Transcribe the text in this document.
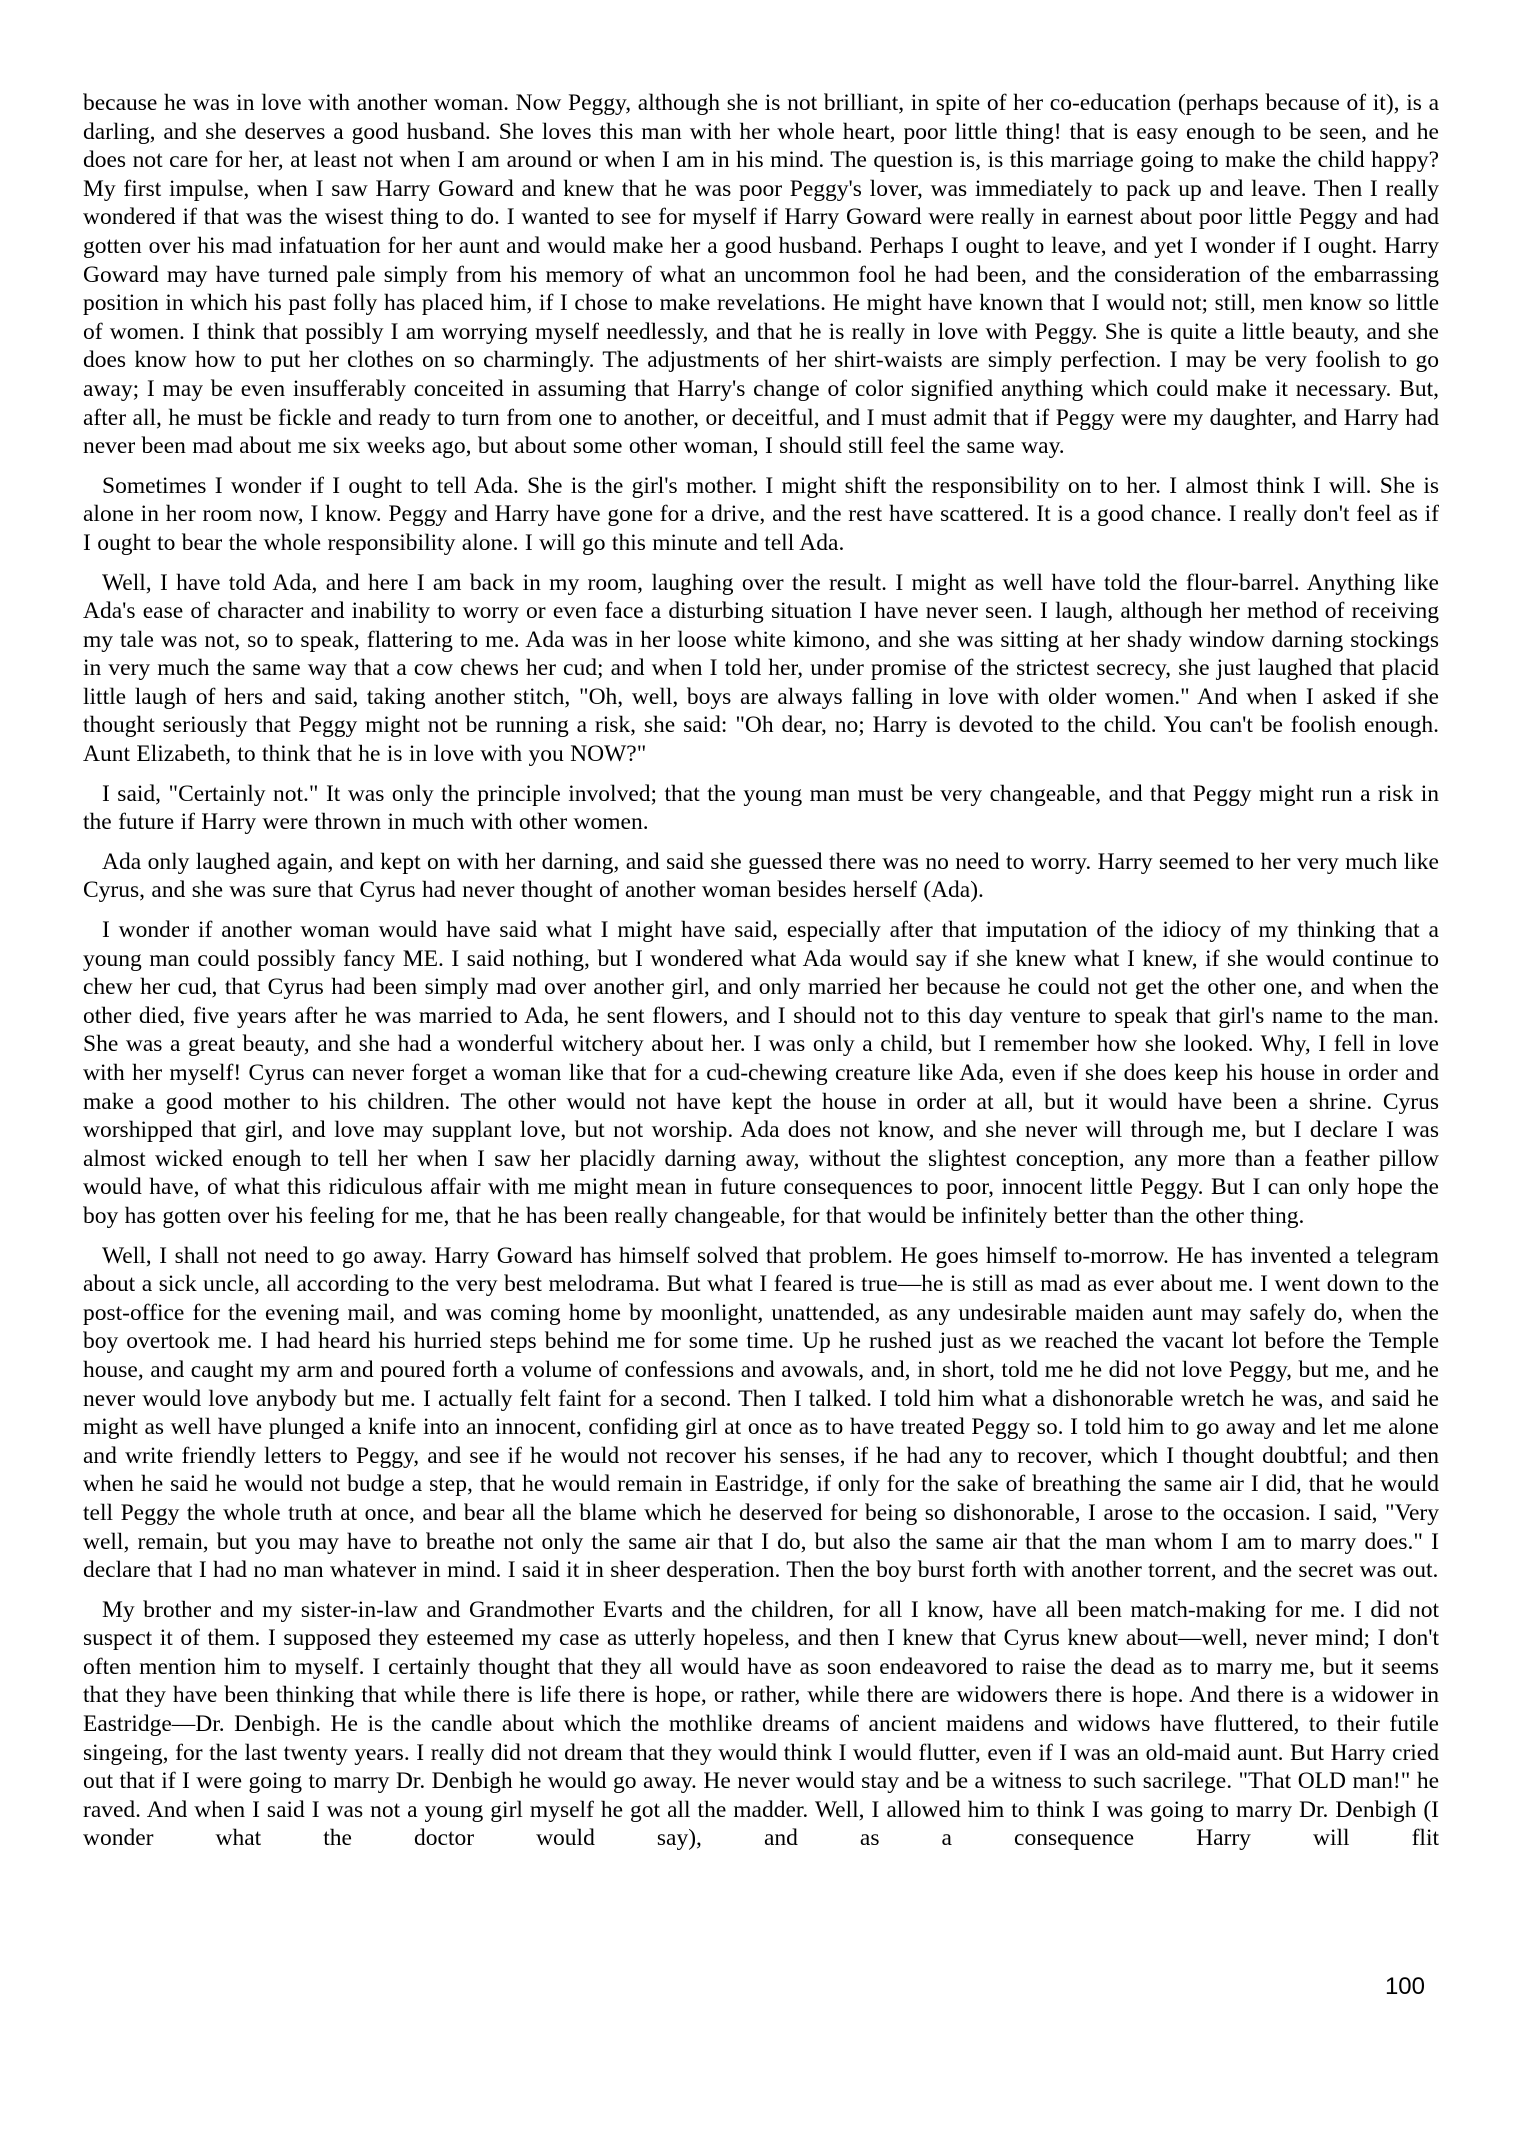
because he was in love with another woman. Now Peggy, although she is not brilliant, in spite of her co-education (perhaps because of it), is a darling, and she deserves a good husband. She loves this man with her whole heart, poor little thing! that is easy enough to be seen, and he does not care for her, at least not when I am around or when I am in his mind. The question is, is this marriage going to make the child happy? My first impulse, when I saw Harry Goward and knew that he was poor Peggy's lover, was immediately to pack up and leave. Then I really wondered if that was the wisest thing to do. I wanted to see for myself if Harry Goward were really in earnest about poor little Peggy and had gotten over his mad infatuation for her aunt and would make her a good husband. Perhaps I ought to leave, and yet I wonder if I ought. Harry Goward may have turned pale simply from his memory of what an uncommon fool he had been, and the consideration of the embarrassing position in which his past folly has placed him, if I chose to make revelations. He might have known that I would not; still, men know so little of women. I think that possibly I am worrying myself needlessly, and that he is really in love with Peggy. She is quite a little beauty, and she does know how to put her clothes on so charmingly. The adjustments of her shirt-waists are simply perfection. I may be very foolish to go away; I may be even insufferably conceited in assuming that Harry's change of color signified anything which could make it necessary. But, after all, he must be fickle and ready to turn from one to another, or deceitful, and I must admit that if Peggy were my daughter, and Harry had never been mad about me six weeks ago, but about some other woman, I should still feel the same way.

Sometimes I wonder if I ought to tell Ada. She is the girl's mother. I might shift the responsibility on to her. I almost think I will. She is alone in her room now, I know. Peggy and Harry have gone for a drive, and the rest have scattered. It is a good chance. I really don't feel as if I ought to bear the whole responsibility alone. I will go this minute and tell Ada.

Well, I have told Ada, and here I am back in my room, laughing over the result. I might as well have told the flour-barrel. Anything like Ada's ease of character and inability to worry or even face a disturbing situation I have never seen. I laugh, although her method of receiving my tale was not, so to speak, flattering to me. Ada was in her loose white kimono, and she was sitting at her shady window darning stockings in very much the same way that a cow chews her cud; and when I told her, under promise of the strictest secrecy, she just laughed that placid little laugh of hers and said, taking another stitch, "Oh, well, boys are always falling in love with older women." And when I asked if she thought seriously that Peggy might not be running a risk, she said: "Oh dear, no; Harry is devoted to the child. You can't be foolish enough. Aunt Elizabeth, to think that he is in love with you NOW?"

I said, "Certainly not." It was only the principle involved; that the young man must be very changeable, and that Peggy might run a risk in the future if Harry were thrown in much with other women.

Ada only laughed again, and kept on with her darning, and said she guessed there was no need to worry. Harry seemed to her very much like Cyrus, and she was sure that Cyrus had never thought of another woman besides herself (Ada).

I wonder if another woman would have said what I might have said, especially after that imputation of the idiocy of my thinking that a young man could possibly fancy ME. I said nothing, but I wondered what Ada would say if she knew what I knew, if she would continue to chew her cud, that Cyrus had been simply mad over another girl, and only married her because he could not get the other one, and when the other died, five years after he was married to Ada, he sent flowers, and I should not to this day venture to speak that girl's name to the man. She was a great beauty, and she had a wonderful witchery about her. I was only a child, but I remember how she looked. Why, I fell in love with her myself! Cyrus can never forget a woman like that for a cud-chewing creature like Ada, even if she does keep his house in order and make a good mother to his children. The other would not have kept the house in order at all, but it would have been a shrine. Cyrus worshipped that girl, and love may supplant love, but not worship. Ada does not know, and she never will through me, but I declare I was almost wicked enough to tell her when I saw her placidly darning away, without the slightest conception, any more than a feather pillow would have, of what this ridiculous affair with me might mean in future consequences to poor, innocent little Peggy. But I can only hope the boy has gotten over his feeling for me, that he has been really changeable, for that would be infinitely better than the other thing.

Well, I shall not need to go away. Harry Goward has himself solved that problem. He goes himself to-morrow. He has invented a telegram about a sick uncle, all according to the very best melodrama. But what I feared is true—he is still as mad as ever about me. I went down to the post-office for the evening mail, and was coming home by moonlight, unattended, as any undesirable maiden aunt may safely do, when the boy overtook me. I had heard his hurried steps behind me for some time. Up he rushed just as we reached the vacant lot before the Temple house, and caught my arm and poured forth a volume of confessions and avowals, and, in short, told me he did not love Peggy, but me, and he never would love anybody but me. I actually felt faint for a second. Then I talked. I told him what a dishonorable wretch he was, and said he might as well have plunged a knife into an innocent, confiding girl at once as to have treated Peggy so. I told him to go away and let me alone and write friendly letters to Peggy, and see if he would not recover his senses, if he had any to recover, which I thought doubtful; and then when he said he would not budge a step, that he would remain in Eastridge, if only for the sake of breathing the same air I did, that he would tell Peggy the whole truth at once, and bear all the blame which he deserved for being so dishonorable, I arose to the occasion. I said, "Very well, remain, but you may have to breathe not only the same air that I do, but also the same air that the man whom I am to marry does." I declare that I had no man whatever in mind. I said it in sheer desperation. Then the boy burst forth with another torrent, and the secret was out.

My brother and my sister-in-law and Grandmother Evarts and the children, for all I know, have all been match-making for me. I did not suspect it of them. I supposed they esteemed my case as utterly hopeless, and then I knew that Cyrus knew about—well, never mind; I don't often mention him to myself. I certainly thought that they all would have as soon endeavored to raise the dead as to marry me, but it seems that they have been thinking that while there is life there is hope, or rather, while there are widowers there is hope. And there is a widower in Eastridge—Dr. Denbigh. He is the candle about which the mothlike dreams of ancient maidens and widows have fluttered, to their futile singeing, for the last twenty years. I really did not dream that they would think I would flutter, even if I was an old-maid aunt. But Harry cried out that if I were going to marry Dr. Denbigh he would go away. He never would stay and be a witness to such sacrilege. "That OLD man!" he raved. And when I said I was not a young girl myself he got all the madder. Well, I allowed him to think I was going to marry Dr. Denbigh (I wonder what the doctor would say), and as a consequence Harry will flit

100
